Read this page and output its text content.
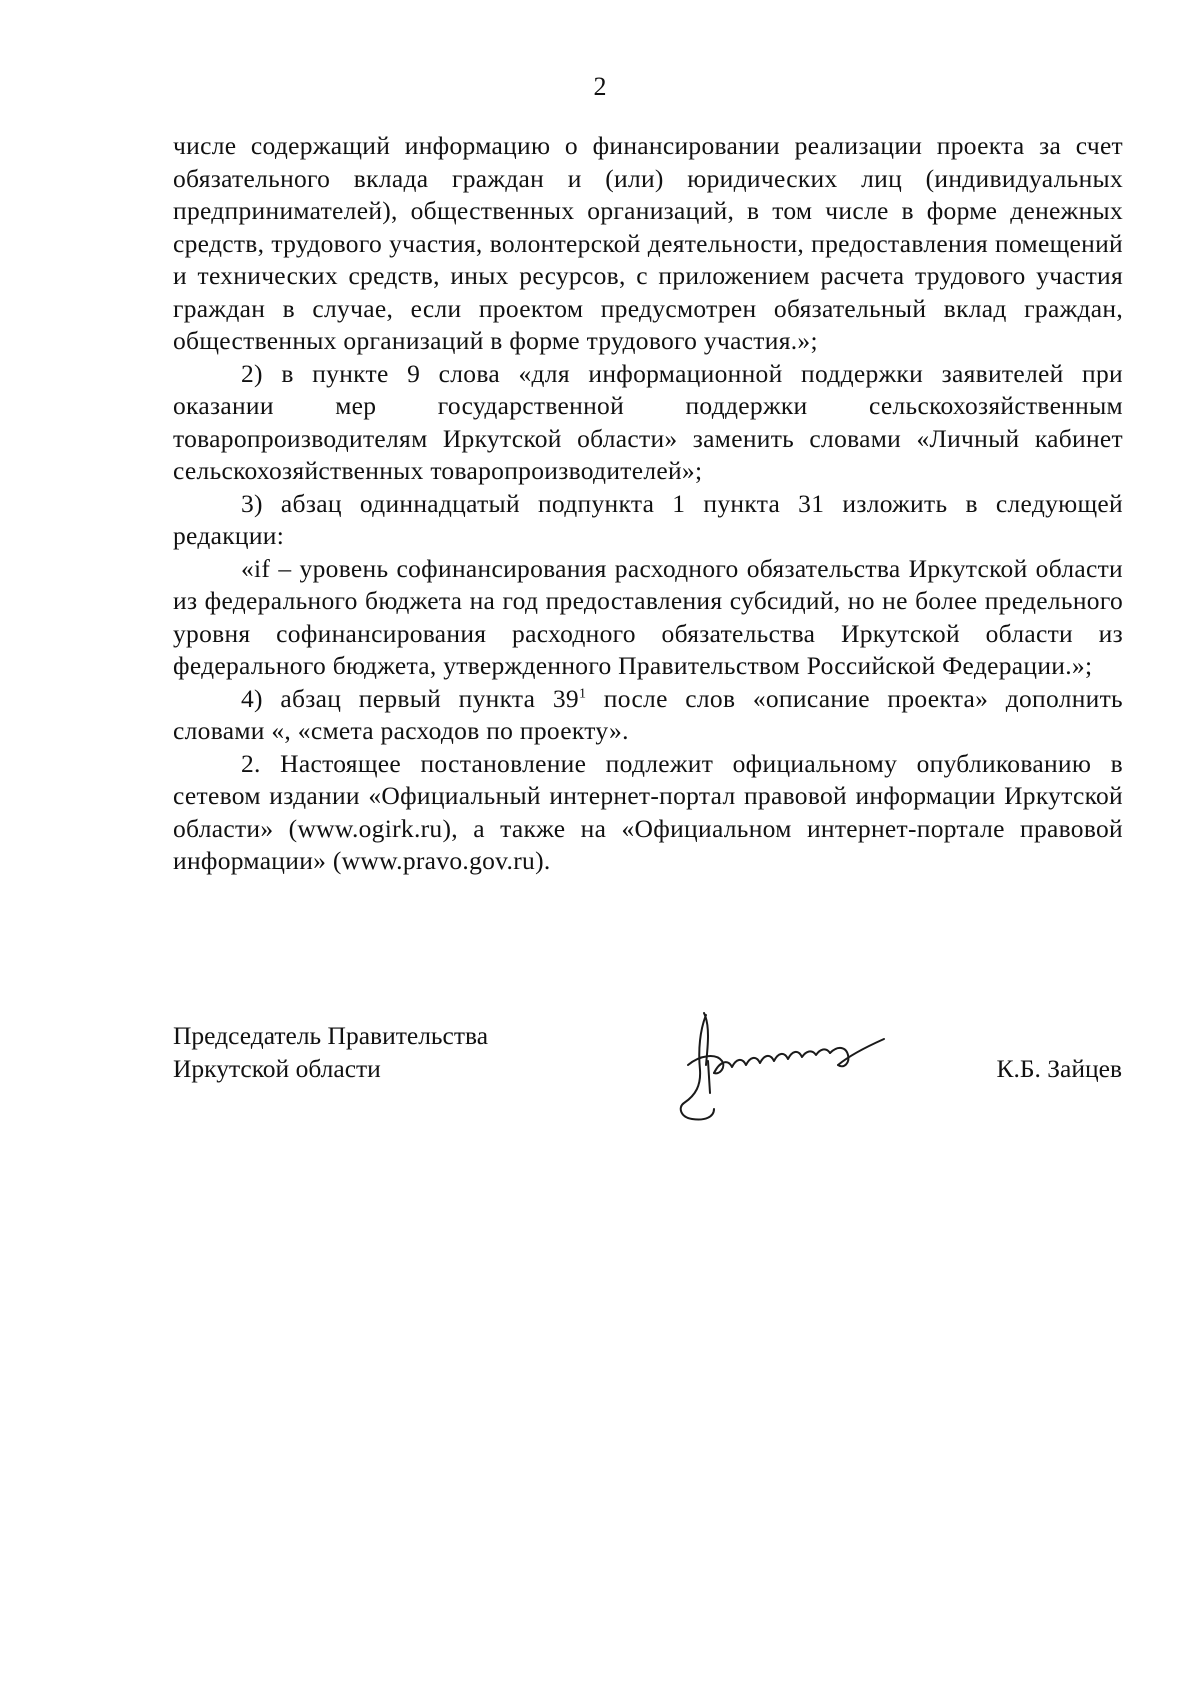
2

числе содержащий информацию о финансировании реализации проекта за счет обязательного вклада граждан и (или) юридических лиц (индивидуальных предпринимателей), общественных организаций, в том числе в форме денежных средств, трудового участия, волонтерской деятельности, предоставления помещений и технических средств, иных ресурсов, с приложением расчета трудового участия граждан в случае, если проектом предусмотрен обязательный вклад граждан, общественных организаций в форме трудового участия.»;

2) в пункте 9 слова «для информационной поддержки заявителей при оказании мер государственной поддержки сельскохозяйственным товаропроизводителям Иркутской области» заменить словами «Личный кабинет сельскохозяйственных товаропроизводителей»;

3) абзац одиннадцатый подпункта 1 пункта 31 изложить в следующей редакции:

«if – уровень софинансирования расходного обязательства Иркутской области из федерального бюджета на год предоставления субсидий, но не более предельного уровня софинансирования расходного обязательства Иркутской области из федерального бюджета, утвержденного Правительством Российской Федерации.»;

4) абзац первый пункта $39^1$ после слов «описание проекта» дополнить словами «, «смета расходов по проекту».

2. Настоящее постановление подлежит официальному опубликованию в сетевом издании «Официальный интернет-портал правовой информации Иркутской области» (www.ogirk.ru), а также на «Официальном интернет-портале правовой информации» (www.pravo.gov.ru).

Председатель Правительства
Иркутской области	К.Б. Зайцев
